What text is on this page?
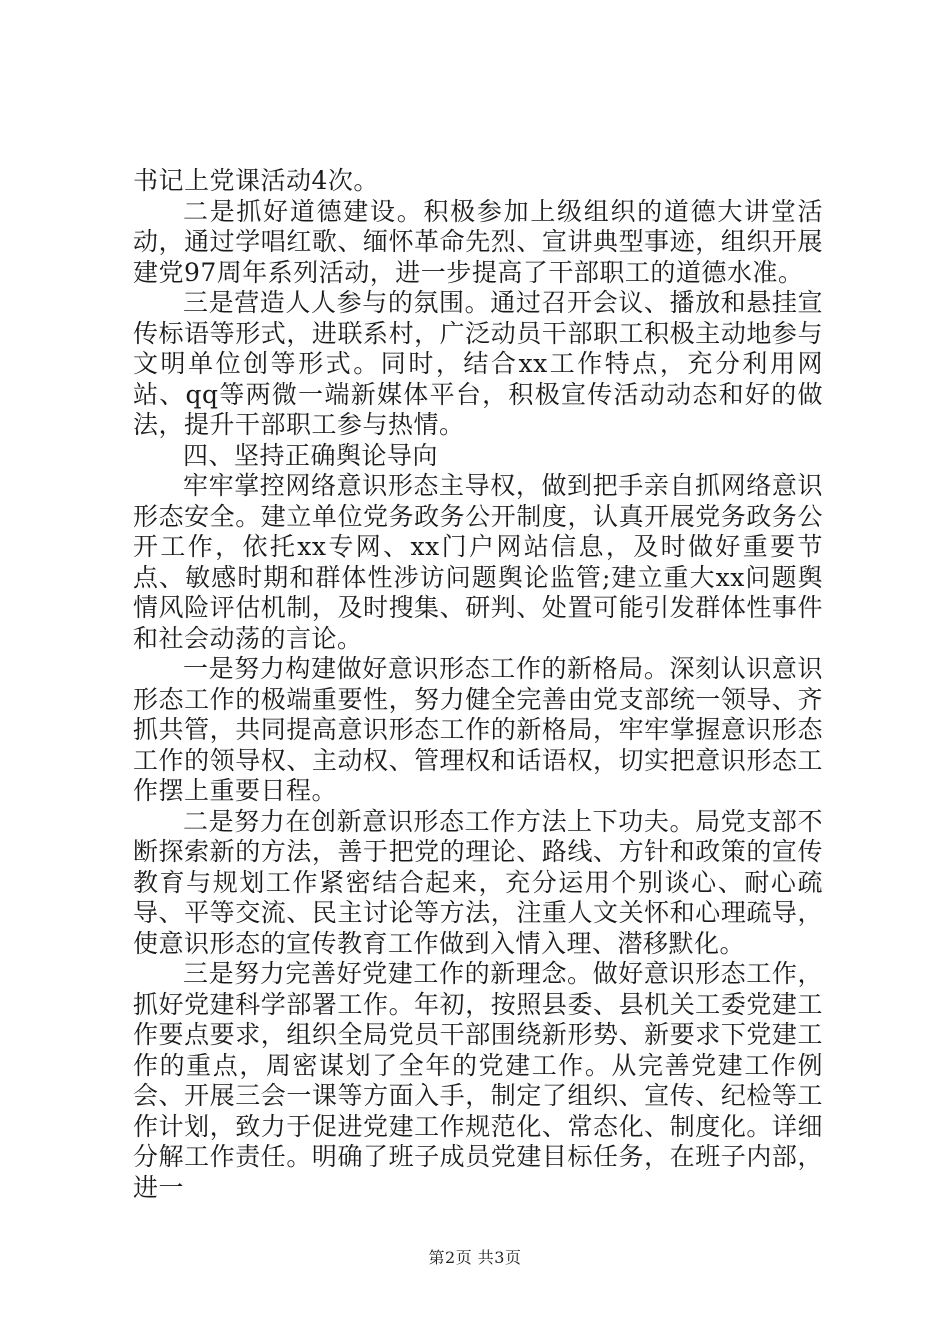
书记上党课活动4次。

二是抓好道德建设。积极参加上级组织的道德大讲堂活动，通过学唱红歌、缅怀革命先烈、宣讲典型事迹，组织开展建党97周年系列活动，进一步提高了干部职工的道德水准。

三是营造人人参与的氛围。通过召开会议、播放和悬挂宣传标语等形式，进联系村，广泛动员干部职工积极主动地参与文明单位创等形式。同时，结合xx工作特点，充分利用网站、qq等两微一端新媒体平台，积极宣传活动动态和好的做法，提升干部职工参与热情。

四、坚持正确舆论导向

牢牢掌控网络意识形态主导权，做到把手亲自抓网络意识形态安全。建立单位党务政务公开制度，认真开展党务政务公开工作，依托xx专网、xx门户网站信息，及时做好重要节点、敏感时期和群体性涉访问题舆论监管;建立重大xx问题舆情风险评估机制，及时搜集、研判、处置可能引发群体性事件和社会动荡的言论。

一是努力构建做好意识形态工作的新格局。深刻认识意识形态工作的极端重要性，努力健全完善由党支部统一领导、齐抓共管，共同提高意识形态工作的新格局，牢牢掌握意识形态工作的领导权、主动权、管理权和话语权，切实把意识形态工作摆上重要日程。

二是努力在创新意识形态工作方法上下功夫。局党支部不断探索新的方法，善于把党的理论、路线、方针和政策的宣传教育与规划工作紧密结合起来，充分运用个别谈心、耐心疏导、平等交流、民主讨论等方法，注重人文关怀和心理疏导，使意识形态的宣传教育工作做到入情入理、潜移默化。

三是努力完善好党建工作的新理念。做好意识形态工作，抓好党建科学部署工作。年初，按照县委、县机关工委党建工作要点要求，组织全局党员干部围绕新形势、新要求下党建工作的重点，周密谋划了全年的党建工作。从完善党建工作例会、开展三会一课等方面入手，制定了组织、宣传、纪检等工作计划，致力于促进党建工作规范化、常态化、制度化。详细分解工作责任。明确了班子成员党建目标任务，在班子内部，进一

第2页 共3页
